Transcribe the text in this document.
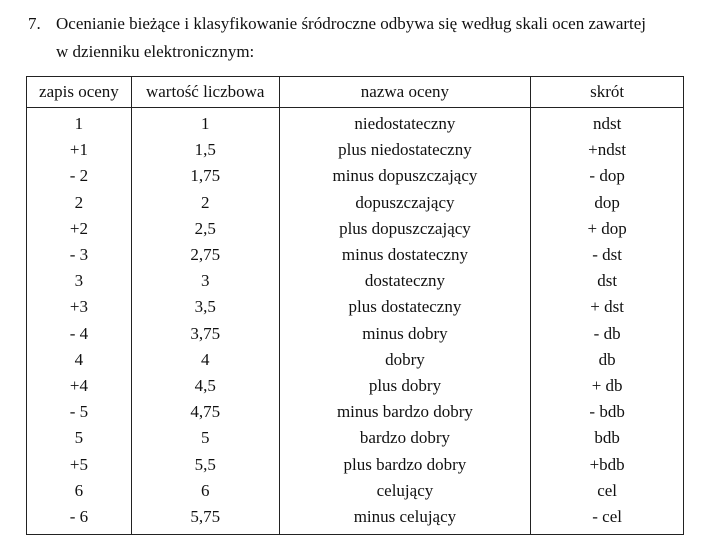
7. Ocenianie bieżące i klasyfikowanie śródroczne odbywa się według skali ocen zawartej
w dzienniku elektronicznym:
zapis oceny	wartość liczbowa	nazwa oceny	skrót
1	1	niedostateczny	ndst
+1	1,5	plus niedostateczny	+ndst
- 2	1,75	minus dopuszczający	- dop
2	2	dopuszczający	dop
+2	2,5	plus dopuszczający	+ dop
- 3	2,75	minus dostateczny	- dst
3	3	dostateczny	dst
+3	3,5	plus dostateczny	+ dst
- 4	3,75	minus dobry	- db
4	4	dobry	db
+4	4,5	plus dobry	+ db
- 5	4,75	minus bardzo dobry	- bdb
5	5	bardzo dobry	bdb
+5	5,5	plus bardzo dobry	+bdb
6	6	celujący	cel
- 6	5,75	minus celujący	- cel
